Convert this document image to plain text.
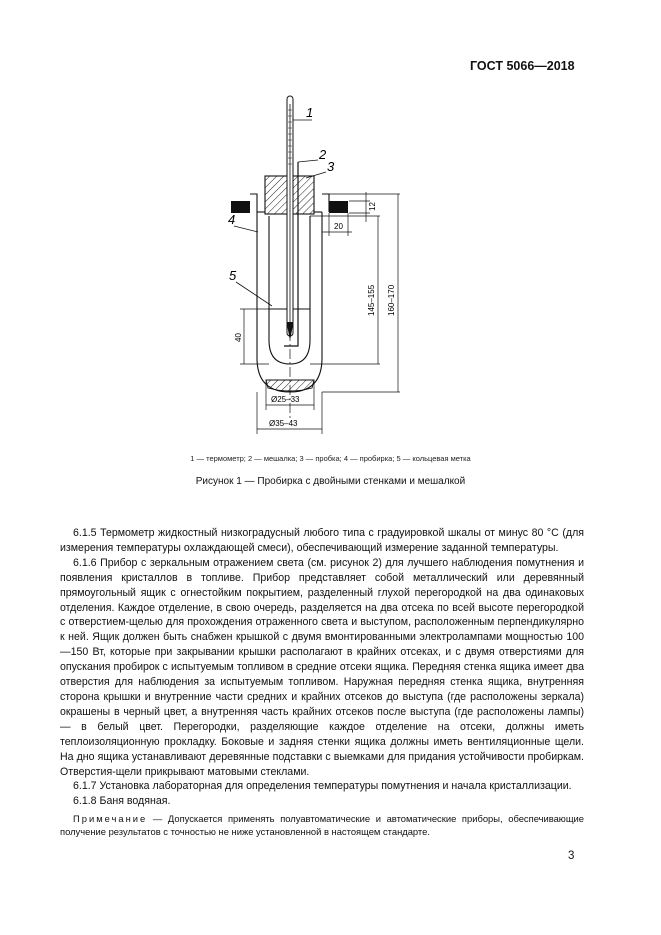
ГОСТ 5066—2018
1
2
3
4
5
12
20
145–155 160–170
40
Ø25–33
Ø35–43
1 — термометр; 2 — мешалка; 3 — пробка; 4 — пробирка; 5 — кольцевая метка
Рисунок 1 — Пробирка с двойными стенками и мешалкой

6.1.5 Термометр жидкостный низкоградусный любого типа с градуировкой шкалы от минус 80 °С (для измерения температуры охлаждающей смеси), обеспечивающий измерение заданной температуры.

6.1.6 Прибор с зеркальным отражением света (см. рисунок 2) для лучшего наблюдения помутнения и появления кристаллов в топливе. Прибор представляет собой металлический или деревянный прямоугольный ящик с огнестойким покрытием, разделенный глухой перегородкой на два одинаковых отделения. Каждое отделение, в свою очередь, разделяется на два отсека по всей высоте перегородкой с отверстием-щелью для прохождения отраженного света и выступом, расположенным перпендикулярно к ней. Ящик должен быть снабжен крышкой с двумя вмонтированными электролампами мощностью 100—150 Вт, которые при закрывании крышки располагают в крайних отсеках, и с двумя отверстиями для опускания пробирок с испытуемым топливом в средние отсеки ящика. Передняя стенка ящика имеет два отверстия для наблюдения за испытуемым топливом. Наружная передняя стенка ящика, внутренняя сторона крышки и внутренние части средних и крайних отсеков до выступа (где расположены зеркала) окрашены в черный цвет, а внутренняя часть крайних отсеков после выступа (где расположены лампы) — в белый цвет. Перегородки, разделяющие каждое отделение на отсеки, должны иметь теплоизоляционную прокладку. Боковые и задняя стенки ящика должны иметь вентиляционные щели. На дно ящика устанавливают деревянные подставки с выемками для придания устойчивости пробиркам. Отверстия-щели прикрывают матовыми стеклами.

6.1.7 Установка лабораторная для определения температуры помутнения и начала кристаллизации.

6.1.8 Баня водяная.

Примечание — Допускается применять полуавтоматические и автоматические приборы, обеспечивающие получение результатов с точностью не ниже установленной в настоящем стандарте.
3
